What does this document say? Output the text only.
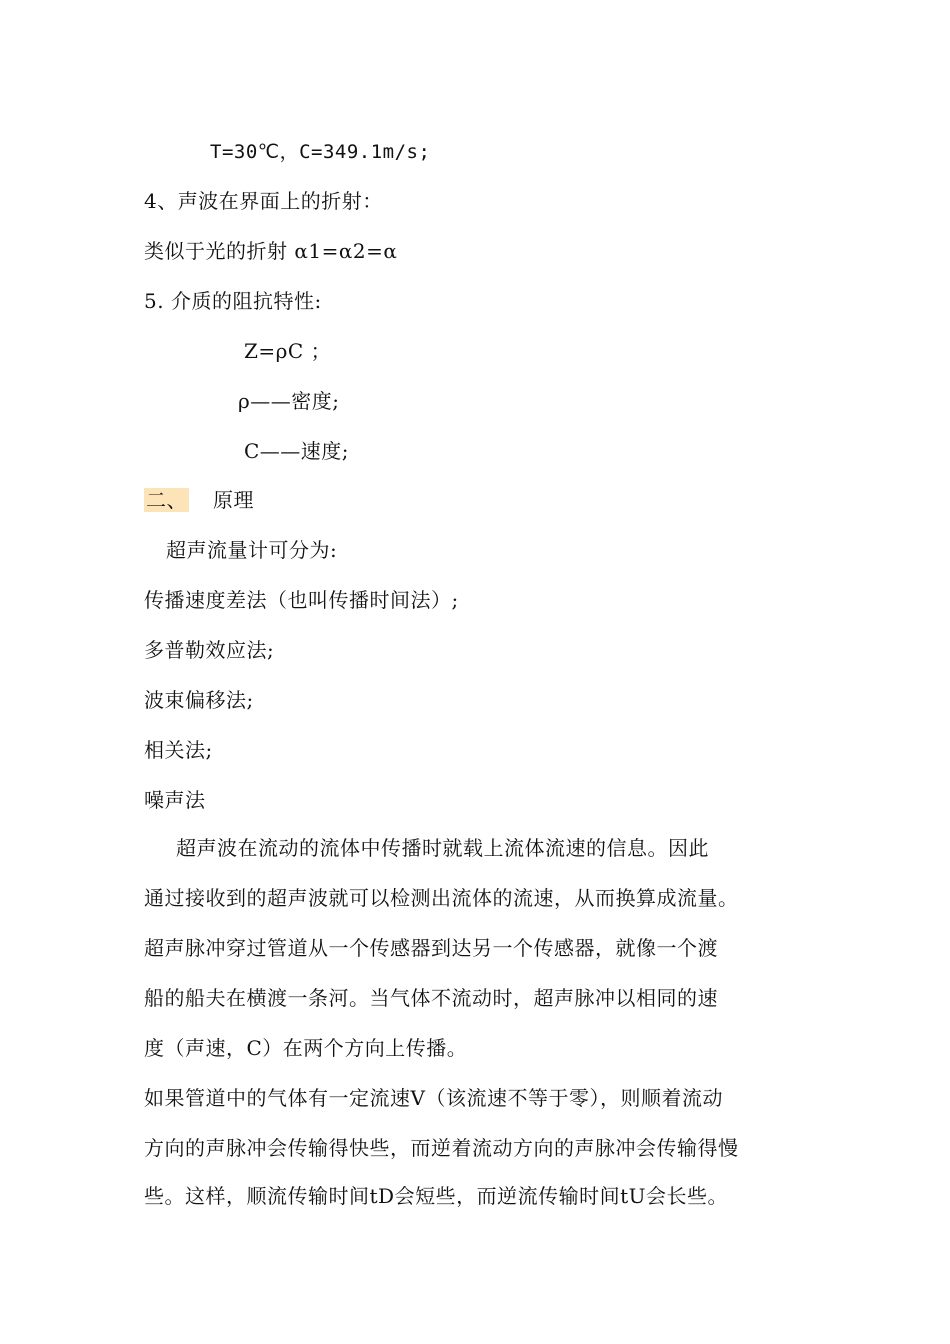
T=30℃，C=349.1m/s;
4、声波在界面上的折射：
类似于光的折射 α1=α2=α
5. 介质的阻抗特性:
Z=ρC ；
ρ——密度;
C——速度;
二、 原理
超声流量计可分为:
传播速度差法（也叫传播时间法）;
多普勒效应法;
波束偏移法;
相关法;
噪声法
超声波在流动的流体中传播时就载上流体流速的信息。因此
通过接收到的超声波就可以检测出流体的流速，从而换算成流量。
超声脉冲穿过管道从一个传感器到达另一个传感器，就像一个渡
船的船夫在横渡一条河。当气体不流动时，超声脉冲以相同的速
度（声速，C）在两个方向上传播。
如果管道中的气体有一定流速V（该流速不等于零），则顺着流动
方向的声脉冲会传输得快些，而逆着流动方向的声脉冲会传输得慢
些。这样，顺流传输时间tD会短些，而逆流传输时间tU会长些。
